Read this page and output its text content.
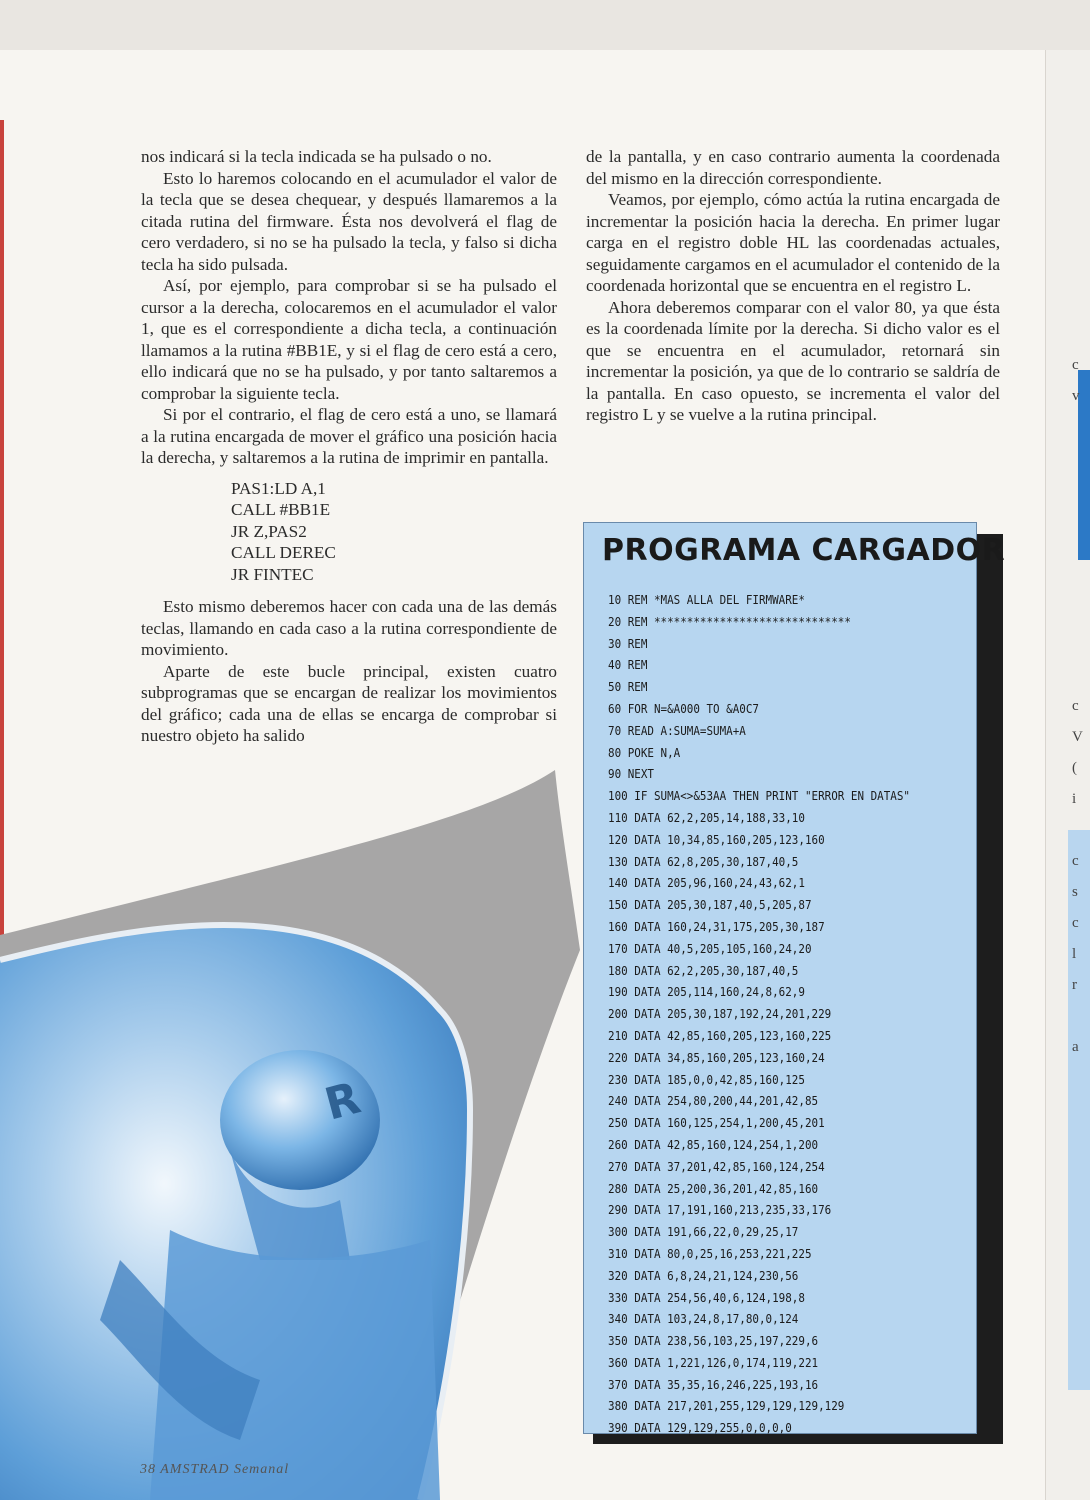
c
v

c
V
(
i

c
s
c
l
r

a
R

nos indicará si la tecla indicada se ha pulsado o no.

Esto lo haremos colocando en el acumulador el valor de la tecla que se desea chequear, y después llamaremos a la citada rutina del firmware. Ésta nos devolverá el flag de cero verdadero, si no se ha pulsado la tecla, y falso si dicha tecla ha sido pulsada.

Así, por ejemplo, para comprobar si se ha pulsado el cursor a la derecha, colocaremos en el acumulador el valor 1, que es el correspondiente a dicha tecla, a continuación llamamos a la rutina #BB1E, y si el flag de cero está a cero, ello indicará que no se ha pulsado, y por tanto saltaremos a comprobar la siguiente tecla.

Si por el contrario, el flag de cero está a uno, se llamará a la rutina encargada de mover el gráfico una posición hacia la derecha, y saltaremos a la rutina de imprimir en pantalla.

PAS1:LD A,1
CALL #BB1E
JR Z,PAS2
CALL DEREC
JR FINTEC

Esto mismo deberemos hacer con cada una de las demás teclas, llamando en cada caso a la rutina correspondiente de movimiento.

Aparte de este bucle principal, existen cuatro subprogramas que se encargan de realizar los movimientos del gráfico; cada una de ellas se encarga de comprobar si nuestro objeto ha salido

de la pantalla, y en caso contrario aumenta la coordenada del mismo en la dirección correspondiente.

Veamos, por ejemplo, cómo actúa la rutina encargada de incrementar la posición hacia la derecha. En primer lugar carga en el registro doble HL las coordenadas actuales, seguidamente cargamos en el acumulador el contenido de la coordenada horizontal que se encuentra en el registro L.

Ahora deberemos comparar con el valor 80, ya que ésta es la coordenada límite por la derecha. Si dicho valor es el que se encuentra en el acumulador, retornará sin incrementar la posición, ya que de lo contrario se saldría de la pantalla. En caso opuesto, se incrementa el valor del registro L y se vuelve a la rutina principal.

PROGRAMA CARGADOR
10 REM *MAS ALLA DEL FIRMWARE*
20 REM ******************************
30 REM
40 REM
50 REM
60 FOR N=&A000 TO &A0C7
70 READ A:SUMA=SUMA+A
80 POKE N,A
90 NEXT
100 IF SUMA<>&53AA THEN PRINT "ERROR EN DATAS"
110 DATA 62,2,205,14,188,33,10
120 DATA 10,34,85,160,205,123,160
130 DATA 62,8,205,30,187,40,5
140 DATA 205,96,160,24,43,62,1
150 DATA 205,30,187,40,5,205,87
160 DATA 160,24,31,175,205,30,187
170 DATA 40,5,205,105,160,24,20
180 DATA 62,2,205,30,187,40,5
190 DATA 205,114,160,24,8,62,9
200 DATA 205,30,187,192,24,201,229
210 DATA 42,85,160,205,123,160,225
220 DATA 34,85,160,205,123,160,24
230 DATA 185,0,0,42,85,160,125
240 DATA 254,80,200,44,201,42,85
250 DATA 160,125,254,1,200,45,201
260 DATA 42,85,160,124,254,1,200
270 DATA 37,201,42,85,160,124,254
280 DATA 25,200,36,201,42,85,160
290 DATA 17,191,160,213,235,33,176
300 DATA 191,66,22,0,29,25,17
310 DATA 80,0,25,16,253,221,225
320 DATA 6,8,24,21,124,230,56
330 DATA 254,56,40,6,124,198,8
340 DATA 103,24,8,17,80,0,124
350 DATA 238,56,103,25,197,229,6
360 DATA 1,221,126,0,174,119,221
370 DATA 35,35,16,246,225,193,16
380 DATA 217,201,255,129,129,129,129
390 DATA 129,129,255,0,0,0,0
38 AMSTRAD Semanal
